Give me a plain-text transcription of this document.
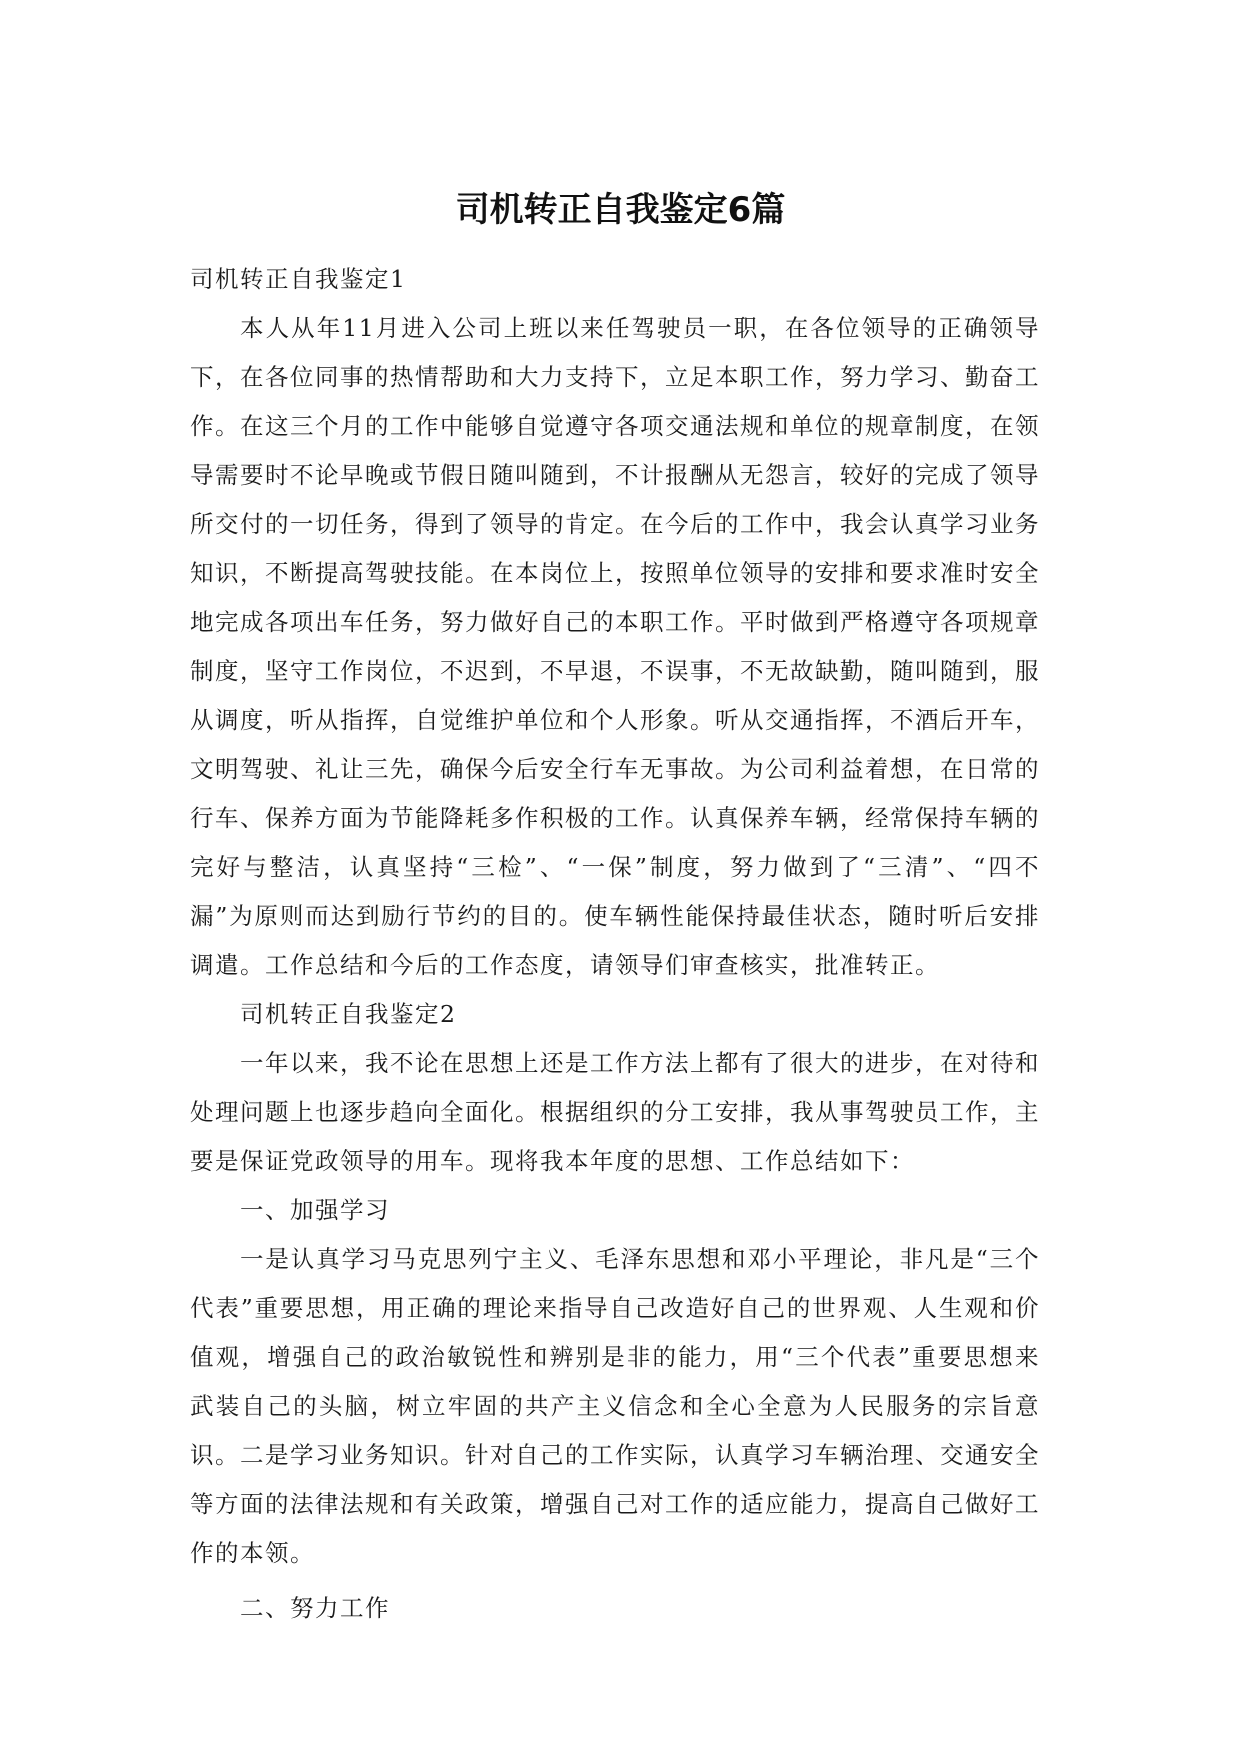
司机转正自我鉴定6篇

司机转正自我鉴定1

本人从年11月进入公司上班以来任驾驶员一职，在各位领导的正确领导下，在各位同事的热情帮助和大力支持下，立足本职工作，努力学习、勤奋工作。在这三个月的工作中能够自觉遵守各项交通法规和单位的规章制度，在领导需要时不论早晚或节假日随叫随到，不计报酬从无怨言，较好的完成了领导所交付的一切任务，得到了领导的肯定。在今后的工作中，我会认真学习业务知识，不断提高驾驶技能。在本岗位上，按照单位领导的安排和要求准时安全地完成各项出车任务，努力做好自己的本职工作。平时做到严格遵守各项规章制度，坚守工作岗位，不迟到，不早退，不误事，不无故缺勤，随叫随到，服从调度，听从指挥，自觉维护单位和个人形象。听从交通指挥，不酒后开车，文明驾驶、礼让三先，确保今后安全行车无事故。为公司利益着想，在日常的行车、保养方面为节能降耗多作积极的工作。认真保养车辆，经常保持车辆的完好与整洁，认真坚持“三检”、“一保”制度，努力做到了“三清”、“四不漏”为原则而达到励行节约的目的。使车辆性能保持最佳状态，随时听后安排调遣。工作总结和今后的工作态度，请领导们审查核实，批准转正。

司机转正自我鉴定2

一年以来，我不论在思想上还是工作方法上都有了很大的进步，在对待和处理问题上也逐步趋向全面化。根据组织的分工安排，我从事驾驶员工作，主要是保证党政领导的用车。现将我本年度的思想、工作总结如下：

一、加强学习

一是认真学习马克思列宁主义、毛泽东思想和邓小平理论，非凡是“三个代表”重要思想，用正确的理论来指导自己改造好自己的世界观、人生观和价值观，增强自己的政治敏锐性和辨别是非的能力，用“三个代表”重要思想来武装自己的头脑，树立牢固的共产主义信念和全心全意为人民服务的宗旨意识。二是学习业务知识。针对自己的工作实际，认真学习车辆治理、交通安全等方面的法律法规和有关政策，增强自己对工作的适应能力，提高自己做好工作的本领。

二、努力工作
